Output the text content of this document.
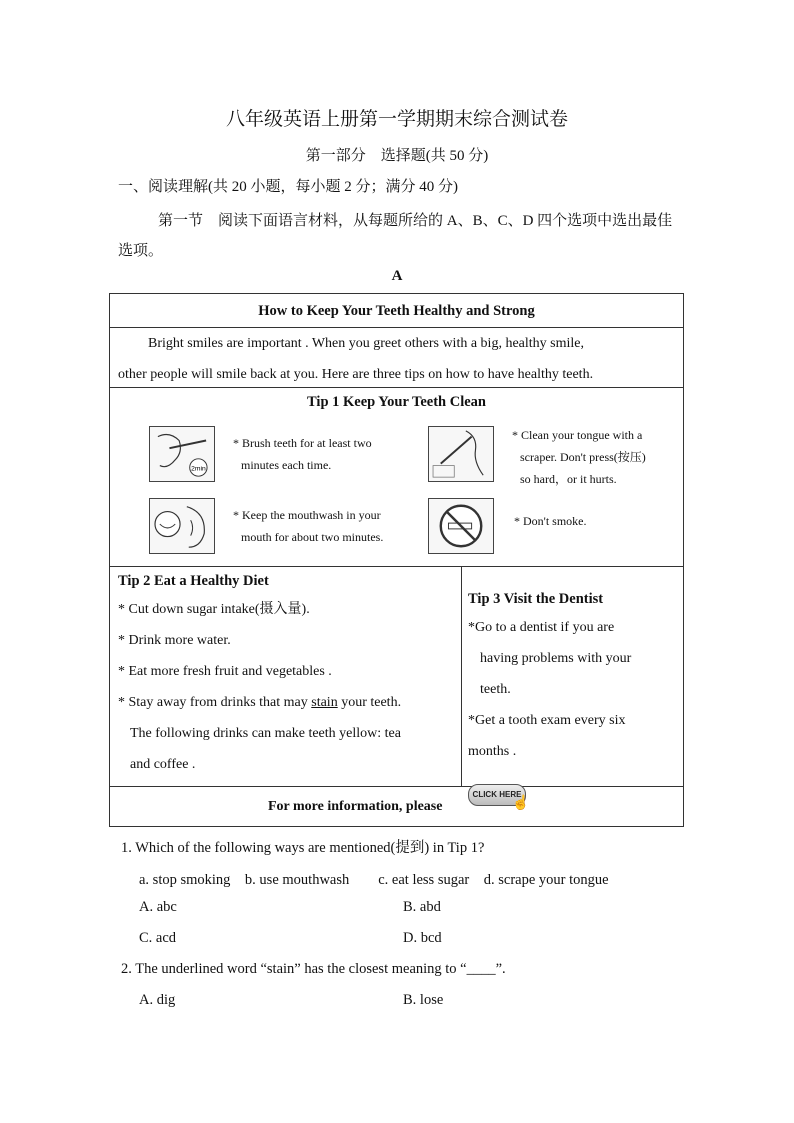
八年级英语上册第一学期期末综合测试卷
第一部分　选择题(共 50 分)
一、阅读理解(共 20 小题，每小题 2 分；满分 40 分)
第一节　阅读下面语言材料，从每题所给的 A、B、C、D 四个选项中选出最佳选项。
A
How to Keep Your Teeth Healthy and Strong

Bright smiles are important . When you greet others with a big, healthy smile,

other people will smile back at you. Here are three tips on how to have healthy teeth.

Tip 1 Keep Your Teeth Clean
2min
* Brush teeth for at least two
minutes each time.
* Clean your tongue with a
scraper. Don't press(按压)
so hard，or it hurts.
* Keep the mouthwash in your
mouth for about two minutes.
* Don't smoke.
Tip 2 Eat a Healthy Diet

* Cut down sugar intake(摄入量).

* Drink more water.

* Eat more fresh fruit and vegetables .

* Stay away from drinks that may stain your teeth.

The following drinks can make teeth yellow: tea

and coffee .

Tip 3 Visit the Dentist

*Go to a dentist if you are

having problems with your

teeth.

*Get a tooth exam every six

months .

For more information, please
CLICK HERE
☝
1. Which of the following ways are mentioned(提到) in Tip 1?
a. stop smoking　b. use mouthwash　　c. eat less sugar　d. scrape your tongue
A. abc	B. abd
C. acd	D. bcd
2. The underlined word “stain” has the closest meaning to “____”.
A. dig	B. lose
